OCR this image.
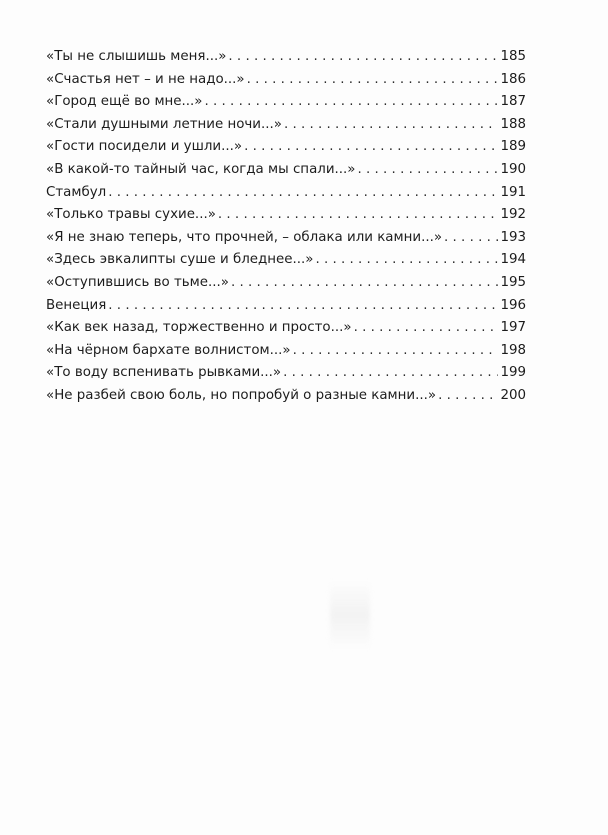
«Ты не слышишь меня...» . . .	185
«Счастья нет – и не надо...» . . .	186
«Город ещё во мне...» . . .	187
«Стали душными летние ночи...» . . .	188
«Гости посидели и ушли...» . . .	189
«В какой-то тайный час, когда мы спали...» . . .	190
Стамбул . . .	191
«Только травы сухие...» . . .	192
«Я не знаю теперь, что прочней, – облака или камни...» . . .	193
«Здесь эвкалипты суше и бледнее...» . . .	194
«Оступившись во тьме...» . . .	195
Венеция . . .	196
«Как век назад, торжественно и просто...» . . .	197
«На чёрном бархате волнистом...» . . .	198
«То воду вспенивать рывками...» . . .	199
«Не разбей свою боль, но попробуй о разные камни...» . . .	200
